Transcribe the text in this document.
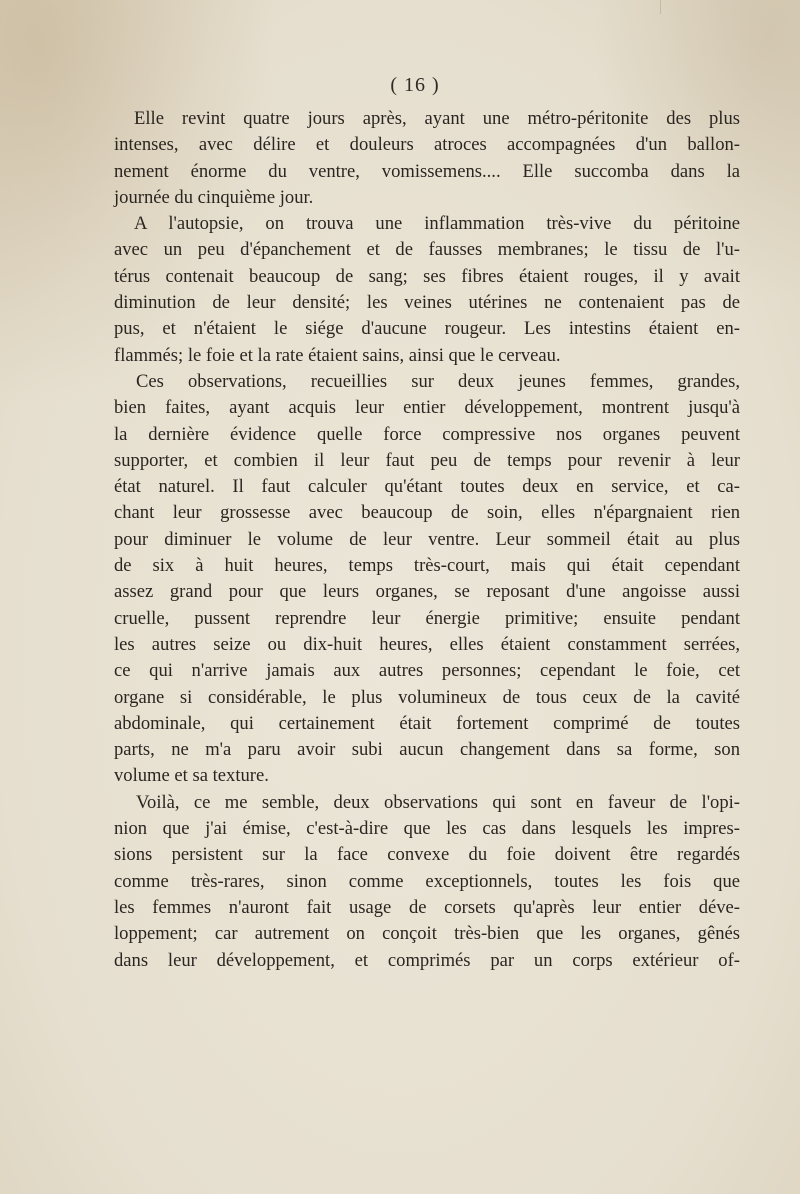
( 16 )
Elle revint quatre jours après, ayant une métro-péritonite des plus
intenses, avec délire et douleurs atroces accompagnées d'un ballon-
nement énorme du ventre, vomissemens.... Elle succomba dans la
journée du cinquième jour.
A l'autopsie, on trouva une inflammation très-vive du péritoine
avec un peu d'épanchement et de fausses membranes; le tissu de l'u-
térus contenait beaucoup de sang; ses fibres étaient rouges, il y avait
diminution de leur densité; les veines utérines ne contenaient pas de
pus, et n'étaient le siége d'aucune rougeur. Les intestins étaient en-
flammés; le foie et la rate étaient sains, ainsi que le cerveau.
Ces observations, recueillies sur deux jeunes femmes, grandes,
bien faites, ayant acquis leur entier développement, montrent jusqu'à
la dernière évidence quelle force compressive nos organes peuvent
supporter, et combien il leur faut peu de temps pour revenir à leur
état naturel. Il faut calculer qu'étant toutes deux en service, et ca-
chant leur grossesse avec beaucoup de soin, elles n'épargnaient rien
pour diminuer le volume de leur ventre. Leur sommeil était au plus
de six à huit heures, temps très-court, mais qui était cependant
assez grand pour que leurs organes, se reposant d'une angoisse aussi
cruelle, pussent reprendre leur énergie primitive; ensuite pendant
les autres seize ou dix-huit heures, elles étaient constamment serrées,
ce qui n'arrive jamais aux autres personnes; cependant le foie, cet
organe si considérable, le plus volumineux de tous ceux de la cavité
abdominale, qui certainement était fortement comprimé de toutes
parts, ne m'a paru avoir subi aucun changement dans sa forme, son
volume et sa texture.
Voilà, ce me semble, deux observations qui sont en faveur de l'opi-
nion que j'ai émise, c'est-à-dire que les cas dans lesquels les impres-
sions persistent sur la face convexe du foie doivent être regardés
comme très-rares, sinon comme exceptionnels, toutes les fois que
les femmes n'auront fait usage de corsets qu'après leur entier déve-
loppement; car autrement on conçoit très-bien que les organes, gênés
dans leur développement, et comprimés par un corps extérieur of-
